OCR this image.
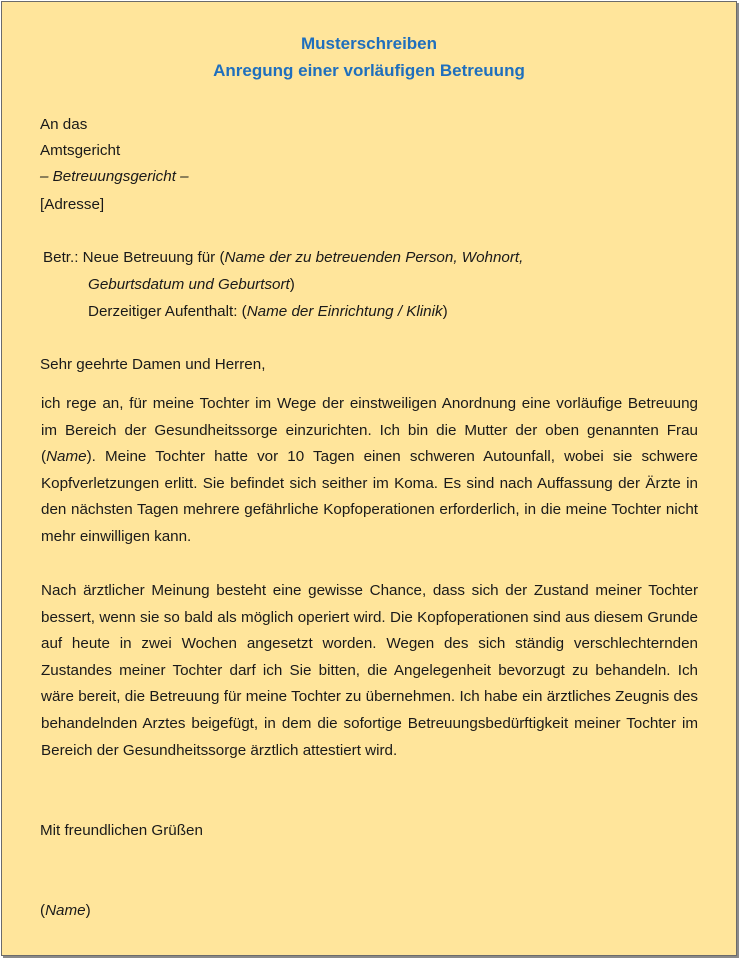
Musterschreiben
Anregung einer vorläufigen Betreuung
An das
Amtsgericht
– Betreuungsgericht –
[Adresse]
Betr.: Neue Betreuung für (Name der zu betreuenden Person, Wohnort,
Geburtsdatum und Geburtsort)
Derzeitiger Aufenthalt: (Name der Einrichtung / Klinik)
Sehr geehrte Damen und Herren,
ich rege an, für meine Tochter im Wege der einstweiligen Anordnung eine vorläufige Betreuung im Bereich der Gesundheitssorge einzurichten. Ich bin die Mutter der oben genannten Frau (Name). Meine Tochter hatte vor 10 Tagen einen schweren Autounfall, wobei sie schwere Kopfverletzungen erlitt. Sie befindet sich seither im Koma. Es sind nach Auffassung der Ärzte in den nächsten Tagen mehrere gefährliche Kopfoperationen erforderlich, in die meine Tochter nicht mehr einwilligen kann.
Nach ärztlicher Meinung besteht eine gewisse Chance, dass sich der Zustand meiner Tochter bessert, wenn sie so bald als möglich operiert wird. Die Kopfoperationen sind aus diesem Grunde auf heute in zwei Wochen angesetzt worden. Wegen des sich ständig verschlechternden Zustandes meiner Tochter darf ich Sie bitten, die Angelegenheit bevorzugt zu behandeln. Ich wäre bereit, die Betreuung für meine Tochter zu übernehmen. Ich habe ein ärztliches Zeugnis des behandelnden Arztes beigefügt, in dem die sofortige Betreuungsbedürftigkeit meiner Tochter im Bereich der Gesundheitssorge ärztlich attestiert wird.
Mit freundlichen Grüßen
(Name)
